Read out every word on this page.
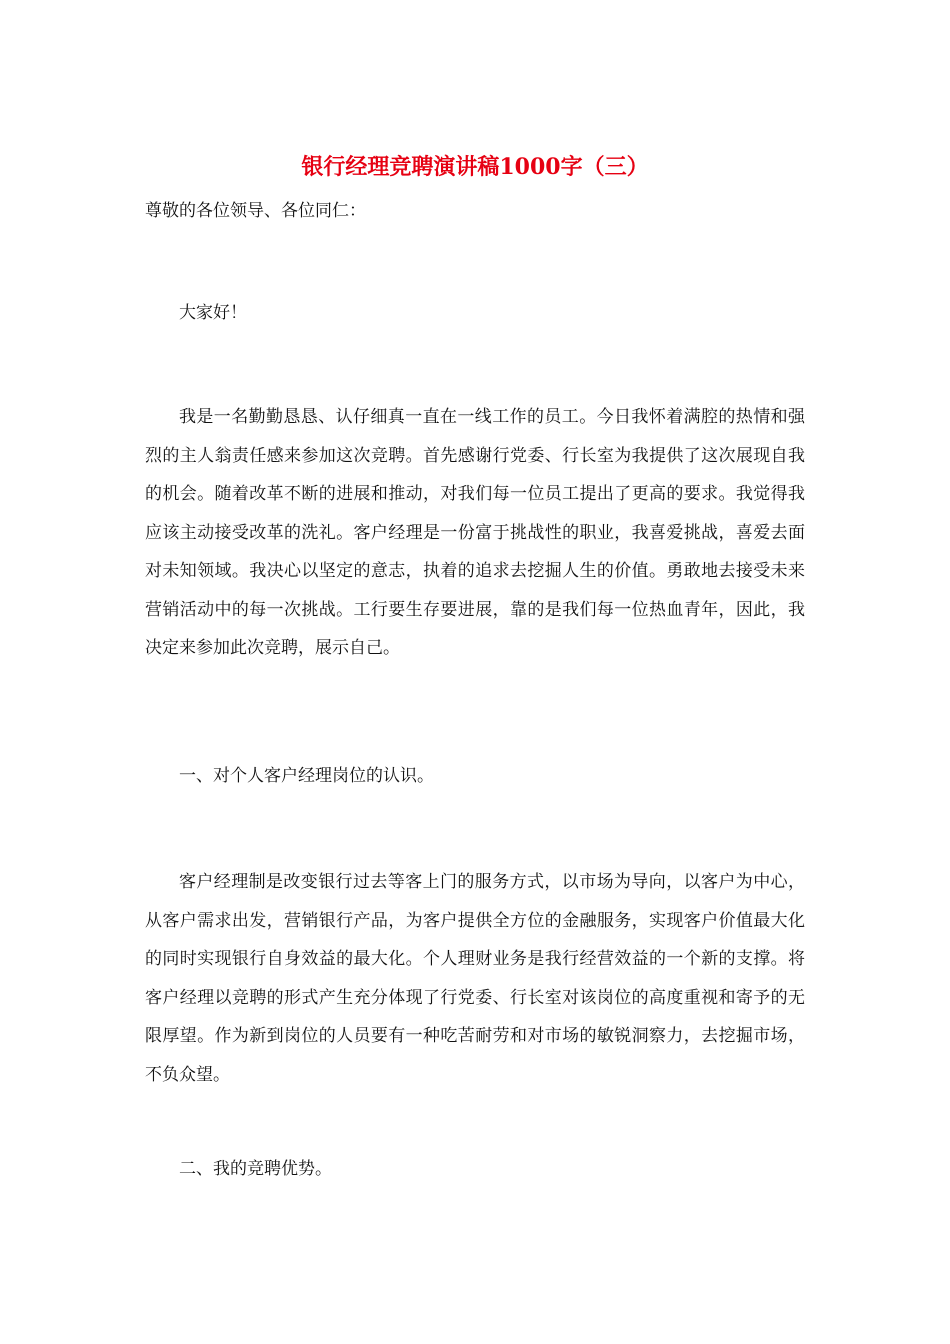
银行经理竞聘演讲稿1000字（三）
尊敬的各位领导、各位同仁：
大家好！
我是一名勤勤恳恳、认仔细真一直在一线工作的员工。今日我怀着满腔的热情和强烈的主人翁责任感来参加这次竞聘。首先感谢行党委、行长室为我提供了这次展现自我的机会。随着改革不断的进展和推动，对我们每一位员工提出了更高的要求。我觉得我应该主动接受改革的洗礼。客户经理是一份富于挑战性的职业，我喜爱挑战，喜爱去面对未知领域。我决心以坚定的意志，执着的追求去挖掘人生的价值。勇敢地去接受未来营销活动中的每一次挑战。工行要生存要进展，靠的是我们每一位热血青年，因此，我决定来参加此次竞聘，展示自己。
一、对个人客户经理岗位的认识。
客户经理制是改变银行过去等客上门的服务方式，以市场为导向，以客户为中心，从客户需求出发，营销银行产品，为客户提供全方位的金融服务，实现客户价值最大化的同时实现银行自身效益的最大化。个人理财业务是我行经营效益的一个新的支撑。将客户经理以竞聘的形式产生充分体现了行党委、行长室对该岗位的高度重视和寄予的无限厚望。作为新到岗位的人员要有一种吃苦耐劳和对市场的敏锐洞察力，去挖掘市场，不负众望。
二、我的竞聘优势。
